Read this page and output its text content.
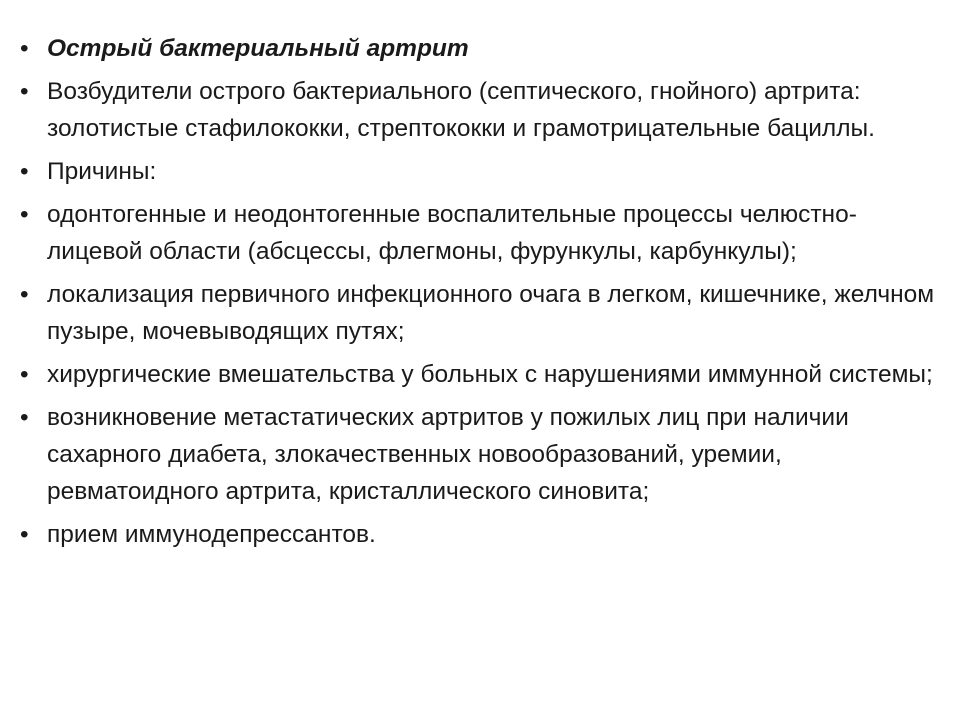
• Острый бактериальный артрит
• Возбудители острого бактериального (септического, гнойного) артрита: золотистые стафилококки, стрептококки и грамотрицательные бациллы.
• Причины:
• одонтогенные и неодонтогенные воспалительные процессы челюстно-лицевой области (абсцессы, флегмоны, фурункулы, карбункулы);
• локализация первичного инфекционного очага в легком, кишечнике, желчном пузыре, мочевыводящих путях;
• хирургические вмешательства у больных с нарушениями иммунной системы;
• возникновение метастатических артритов у пожилых лиц при наличии сахарного диабета, злокачественных новообразований, уремии, ревматоидного артрита, кристаллического синовита;
• прием иммунодепрессантов.
